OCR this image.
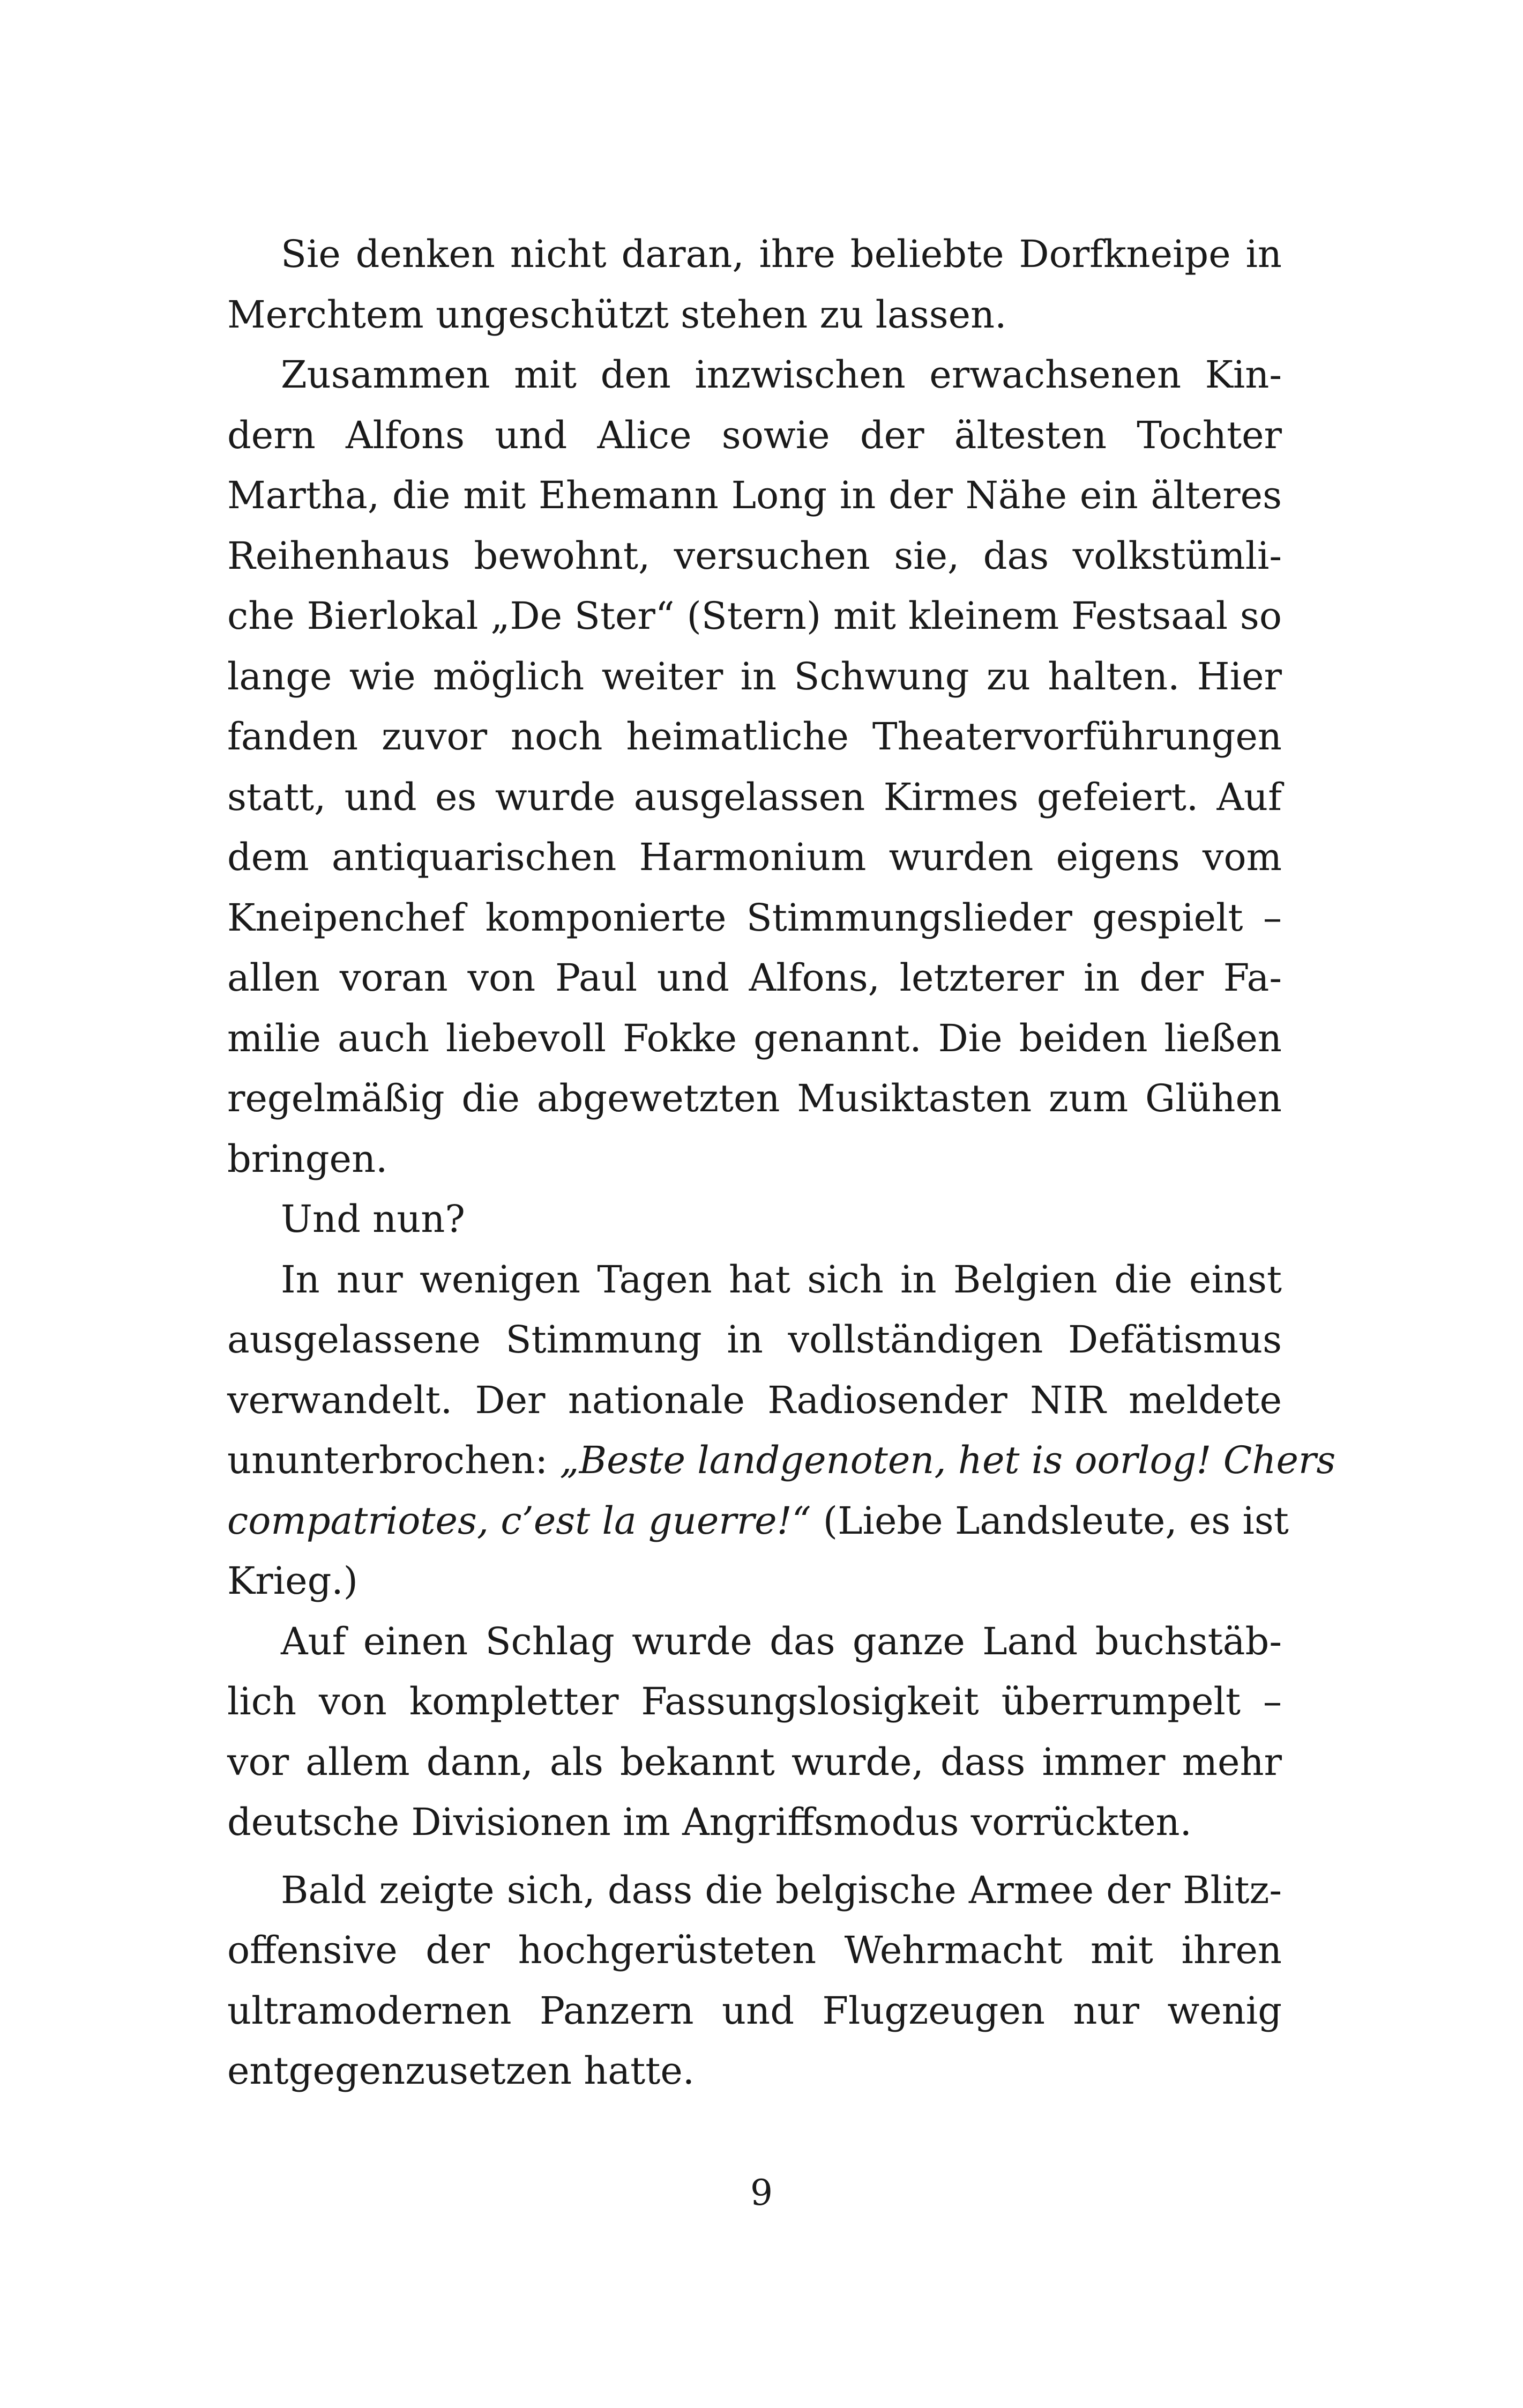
Sie denken nicht daran, ihre beliebte Dorfkneipe in
Merchtem ungeschützt stehen zu lassen.
Zusammen mit den inzwischen erwachsenen Kin-
dern Alfons und Alice sowie der ältesten Tochter
Martha, die mit Ehemann Long in der Nähe ein älteres
Reihenhaus bewohnt, versuchen sie, das volkstümli-
che Bierlokal „De Ster“ (Stern) mit kleinem Festsaal so
lange wie möglich weiter in Schwung zu halten. Hier
fanden zuvor noch heimatliche Theatervorführungen
statt, und es wurde ausgelassen Kirmes gefeiert. Auf
dem antiquarischen Harmonium wurden eigens vom
Kneipenchef komponierte Stimmungslieder gespielt –
allen voran von Paul und Alfons, letzterer in der Fa-
milie auch liebevoll Fokke genannt. Die beiden ließen
regelmäßig die abgewetzten Musiktasten zum Glühen
bringen.
Und nun?
In nur wenigen Tagen hat sich in Belgien die einst
ausgelassene Stimmung in vollständigen Defätismus
verwandelt. Der nationale Radiosender NIR meldete
ununterbrochen: „Beste landgenoten, het is oorlog! Chers
compatriotes, c’est la guerre!“ (Liebe Landsleute, es ist
Krieg.)
Auf einen Schlag wurde das ganze Land buchstäb-
lich von kompletter Fassungslosigkeit überrumpelt –
vor allem dann, als bekannt wurde, dass immer mehr
deutsche Divisionen im Angriffsmodus vorrückten.
Bald zeigte sich, dass die belgische Armee der Blitz-
offensive der hochgerüsteten Wehrmacht mit ihren
ultramodernen Panzern und Flugzeugen nur wenig
entgegenzusetzen hatte.
9
